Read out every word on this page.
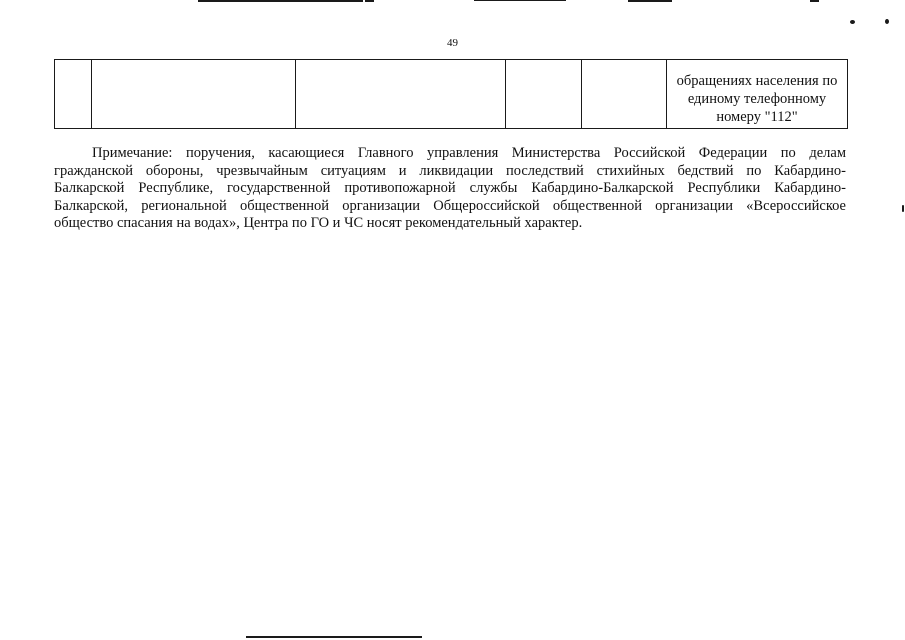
49
обращениях населения по
единому телефонному
номеру "112"
Примечание: поручения, касающиеся Главного управления Министерства Российской Федерации по делам
гражданской обороны, чрезвычайным ситуациям и ликвидации последствий стихийных бедствий по Кабардино-
Балкарской Республике, государственной противопожарной службы Кабардино-Балкарской Республики Кабардино-
Балкарской, региональной общественной организации Общероссийской общественной организации «Всероссийское
общество спасания на водах», Центра по ГО и ЧС носят рекомендательный характер.
